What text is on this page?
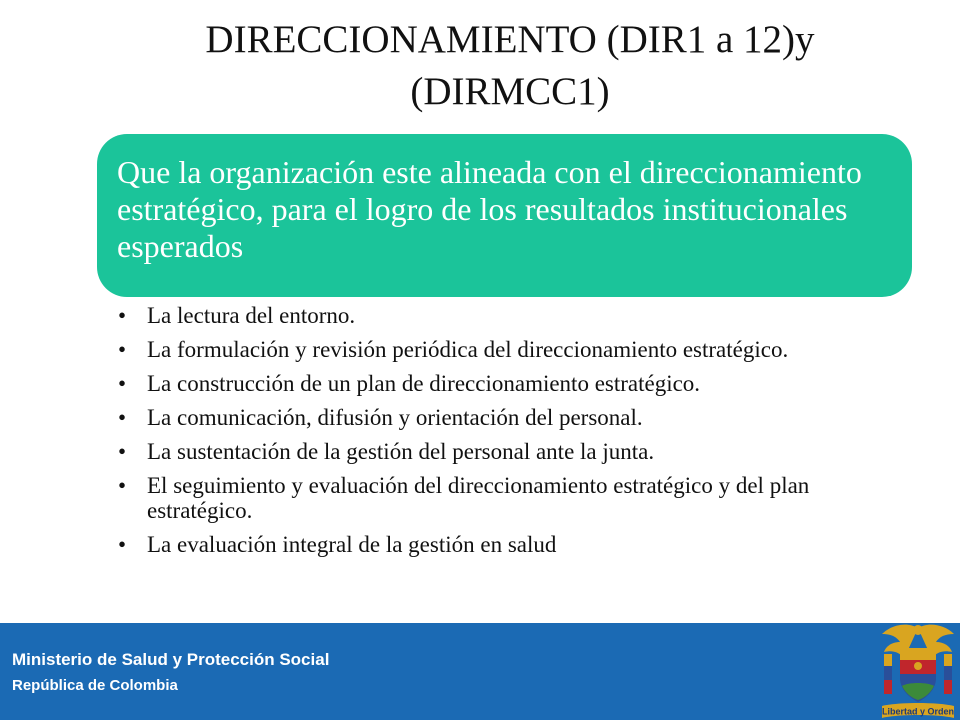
DIRECCIONAMIENTO (DIR1 a 12)y
(DIRMCC1)
Que la organización este alineada con el direccionamiento estratégico, para el logro de los resultados institucionales esperados
• La lectura del entorno.
• La formulación y revisión periódica del direccionamiento estratégico.
• La construcción de un plan de direccionamiento estratégico.
• La comunicación, difusión y orientación del personal.
• La sustentación de la gestión del personal ante la junta.
• El seguimiento y evaluación del direccionamiento estratégico y del plan estratégico.
• La evaluación integral de la gestión en salud
Ministerio de Salud y Protección Social
República de Colombia
Libertad y Orden
